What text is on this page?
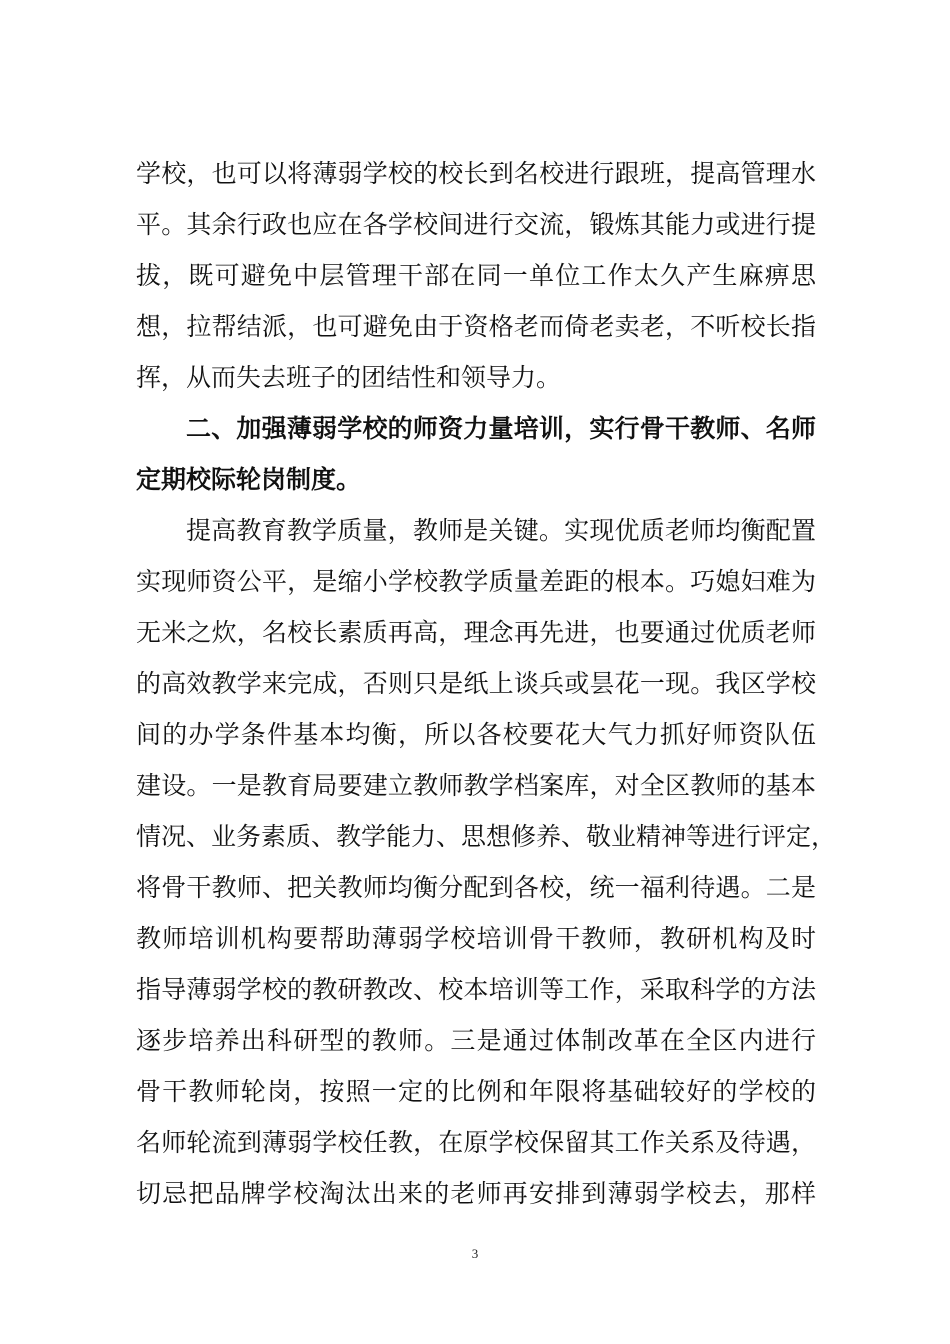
学校，也可以将薄弱学校的校长到名校进行跟班，提高管理水
平。其余行政也应在各学校间进行交流，锻炼其能力或进行提
拔，既可避免中层管理干部在同一单位工作太久产生麻痹思
想，拉帮结派，也可避免由于资格老而倚老卖老，不听校长指
挥，从而失去班子的团结性和领导力。
二、加强薄弱学校的师资力量培训，实行骨干教师、名师
定期校际轮岗制度。
提高教育教学质量，教师是关键。实现优质老师均衡配置
实现师资公平，是缩小学校教学质量差距的根本。巧媳妇难为
无米之炊，名校长素质再高，理念再先进，也要通过优质老师
的高效教学来完成，否则只是纸上谈兵或昙花一现。我区学校
间的办学条件基本均衡，所以各校要花大气力抓好师资队伍
建设。一是教育局要建立教师教学档案库，对全区教师的基本
情况、业务素质、教学能力、思想修养、敬业精神等进行评定，
将骨干教师、把关教师均衡分配到各校，统一福利待遇。二是
教师培训机构要帮助薄弱学校培训骨干教师，教研机构及时
指导薄弱学校的教研教改、校本培训等工作，采取科学的方法
逐步培养出科研型的教师。三是通过体制改革在全区内进行
骨干教师轮岗，按照一定的比例和年限将基础较好的学校的
名师轮流到薄弱学校任教，在原学校保留其工作关系及待遇，
切忌把品牌学校淘汰出来的老师再安排到薄弱学校去，那样
3
